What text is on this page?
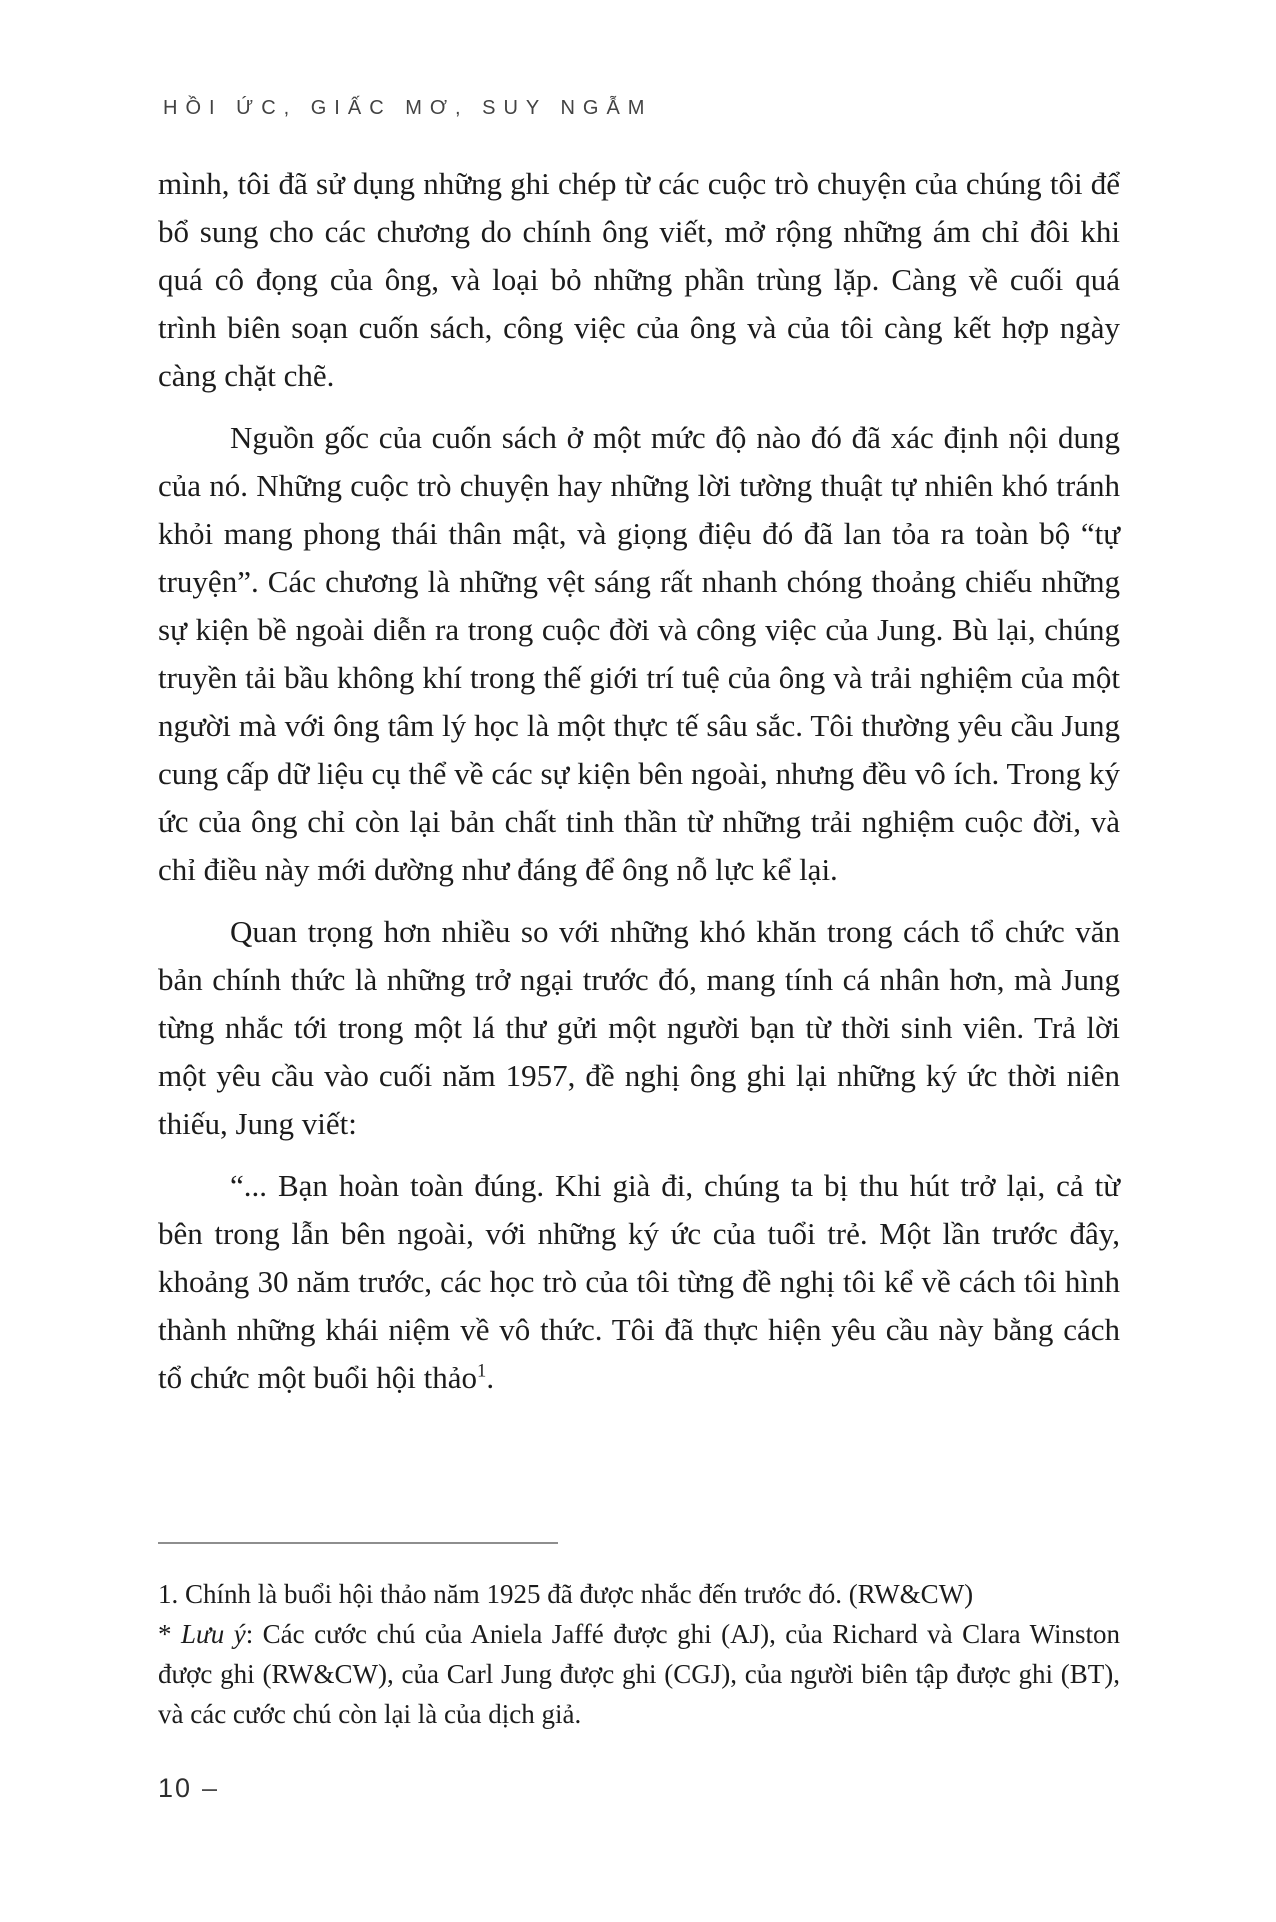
HỒI ỨC, GIẤC MƠ, SUY NGẪM

mình, tôi đã sử dụng những ghi chép từ các cuộc trò chuyện của chúng tôi để bổ sung cho các chương do chính ông viết, mở rộng những ám chỉ đôi khi quá cô đọng của ông, và loại bỏ những phần trùng lặp. Càng về cuối quá trình biên soạn cuốn sách, công việc của ông và của tôi càng kết hợp ngày càng chặt chẽ.

Nguồn gốc của cuốn sách ở một mức độ nào đó đã xác định nội dung của nó. Những cuộc trò chuyện hay những lời tường thuật tự nhiên khó tránh khỏi mang phong thái thân mật, và giọng điệu đó đã lan tỏa ra toàn bộ “tự truyện”. Các chương là những vệt sáng rất nhanh chóng thoảng chiếu những sự kiện bề ngoài diễn ra trong cuộc đời và công việc của Jung. Bù lại, chúng truyền tải bầu không khí trong thế giới trí tuệ của ông và trải nghiệm của một người mà với ông tâm lý học là một thực tế sâu sắc. Tôi thường yêu cầu Jung cung cấp dữ liệu cụ thể về các sự kiện bên ngoài, nhưng đều vô ích. Trong ký ức của ông chỉ còn lại bản chất tinh thần từ những trải nghiệm cuộc đời, và chỉ điều này mới dường như đáng để ông nỗ lực kể lại.

Quan trọng hơn nhiều so với những khó khăn trong cách tổ chức văn bản chính thức là những trở ngại trước đó, mang tính cá nhân hơn, mà Jung từng nhắc tới trong một lá thư gửi một người bạn từ thời sinh viên. Trả lời một yêu cầu vào cuối năm 1957, đề nghị ông ghi lại những ký ức thời niên thiếu, Jung viết:

“... Bạn hoàn toàn đúng. Khi già đi, chúng ta bị thu hút trở lại, cả từ bên trong lẫn bên ngoài, với những ký ức của tuổi trẻ. Một lần trước đây, khoảng 30 năm trước, các học trò của tôi từng đề nghị tôi kể về cách tôi hình thành những khái niệm về vô thức. Tôi đã thực hiện yêu cầu này bằng cách tổ chức một buổi hội thảo$^1$.

1. Chính là buổi hội thảo năm 1925 đã được nhắc đến trước đó. (RW&CW)

* Lưu ý: Các cước chú của Aniela Jaffé được ghi (AJ), của Richard và Clara Winston được ghi (RW&CW), của Carl Jung được ghi (CGJ), của người biên tập được ghi (BT), và các cước chú còn lại là của dịch giả.

10 –
